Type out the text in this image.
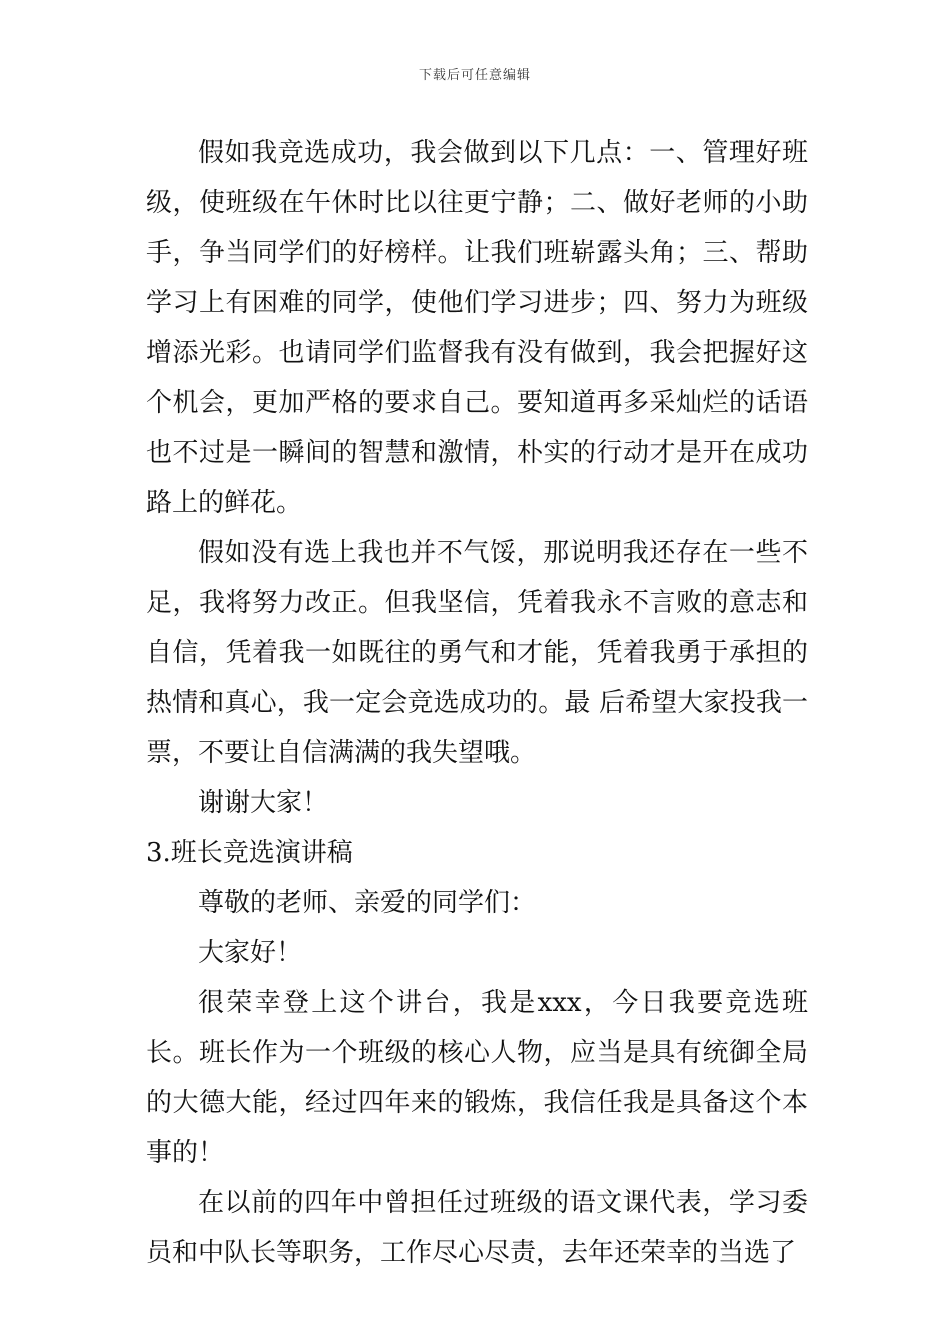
下载后可任意编辑

假如我竞选成功，我会做到以下几点：一、管理好班级，使班级在午休时比以往更宁静；二、做好老师的小助手，争当同学们的好榜样。让我们班崭露头角；三、帮助学习上有困难的同学，使他们学习进步；四、努力为班级增添光彩。也请同学们监督我有没有做到，我会把握好这个机会，更加严格的要求自己。要知道再多采灿烂的话语也不过是一瞬间的智慧和激情，朴实的行动才是开在成功路上的鲜花。

假如没有选上我也并不气馁，那说明我还存在一些不足，我将努力改正。但我坚信，凭着我永不言败的意志和自信，凭着我一如既往的勇气和才能，凭着我勇于承担的热情和真心，我一定会竞选成功的。最 后希望大家投我一票，不要让自信满满的我失望哦。

谢谢大家！

3.班长竞选演讲稿

尊敬的老师、亲爱的同学们：

大家好！

很荣幸登上这个讲台，我是xxx，今日我要竞选班长。班长作为一个班级的核心人物，应当是具有统御全局的大德大能，经过四年来的锻炼，我信任我是具备这个本事的！

在以前的四年中曾担任过班级的语文课代表，学习委员和中队长等职务，工作尽心尽责，去年还荣幸的当选了
